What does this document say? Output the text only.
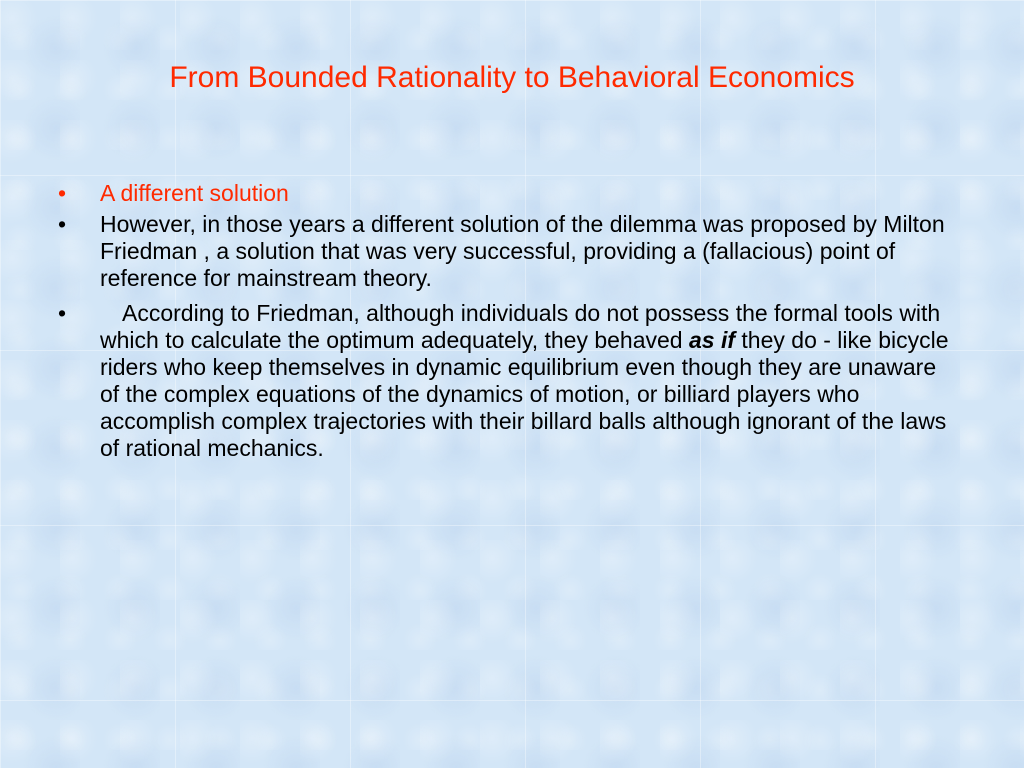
From Bounded Rationality to Behavioral Economics
•	A different solution
•	However, in those years a different solution of the dilemma was proposed by Milton Friedman , a solution that was very successful, providing a (fallacious) point of reference for mainstream theory.
•	According to Friedman, although individuals do not possess the formal tools with which to calculate the optimum adequately, they behaved as if they do - like bicycle riders who keep themselves in dynamic equilibrium even though they are unaware of the complex equations of the dynamics of motion, or billiard players who accomplish complex trajectories with their billard balls although ignorant of the laws of rational mechanics.
